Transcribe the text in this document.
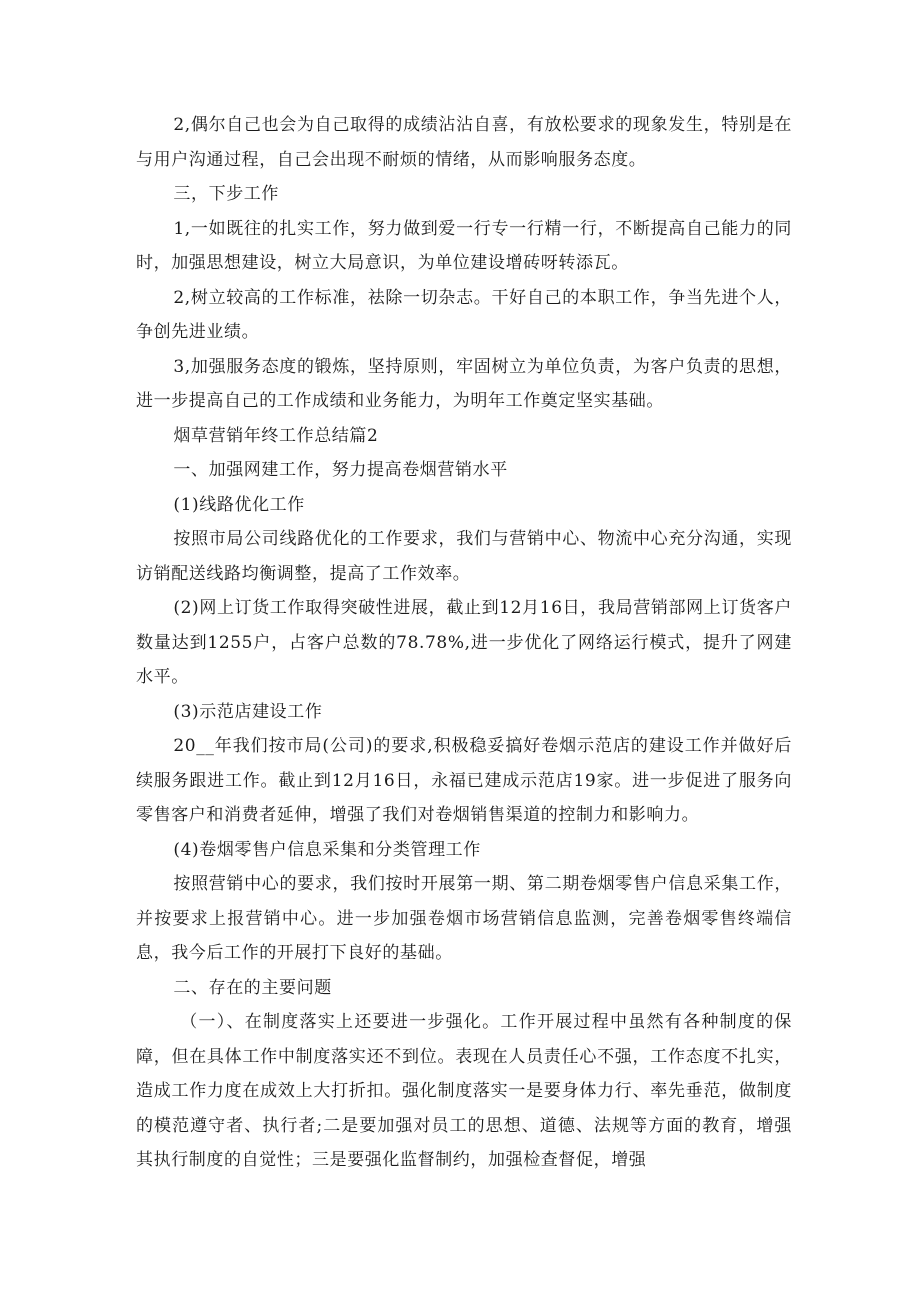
2,偶尔自己也会为自己取得的成绩沾沾自喜，有放松要求的现象发生，特别是在与用户沟通过程，自己会出现不耐烦的情绪，从而影响服务态度。

三，下步工作

1,一如既往的扎实工作，努力做到爱一行专一行精一行，不断提高自己能力的同时，加强思想建设，树立大局意识，为单位建设增砖呀转添瓦。

2,树立较高的工作标准，祛除一切杂志。干好自己的本职工作，争当先进个人，争创先进业绩。

3,加强服务态度的锻炼，坚持原则，牢固树立为单位负责，为客户负责的思想，进一步提高自己的工作成绩和业务能力，为明年工作奠定坚实基础。

烟草营销年终工作总结篇2

一、加强网建工作，努力提高卷烟营销水平

(1)线路优化工作

按照市局公司线路优化的工作要求，我们与营销中心、物流中心充分沟通，实现访销配送线路均衡调整，提高了工作效率。

(2)网上订货工作取得突破性进展，截止到12月16日，我局营销部网上订货客户数量达到1255户，占客户总数的78.78%,进一步优化了网络运行模式，提升了网建水平。

(3)示范店建设工作

20__年我们按市局(公司)的要求,积极稳妥搞好卷烟示范店的建设工作并做好后续服务跟进工作。截止到12月16日，永福已建成示范店19家。进一步促进了服务向零售客户和消费者延伸，增强了我们对卷烟销售渠道的控制力和影响力。

(4)卷烟零售户信息采集和分类管理工作

按照营销中心的要求，我们按时开展第一期、第二期卷烟零售户信息采集工作，并按要求上报营销中心。进一步加强卷烟市场营销信息监测，完善卷烟零售终端信息，我今后工作的开展打下良好的基础。

二、存在的主要问题

（一）、在制度落实上还要进一步强化。工作开展过程中虽然有各种制度的保障，但在具体工作中制度落实还不到位。表现在人员责任心不强，工作态度不扎实，造成工作力度在成效上大打折扣。强化制度落实一是要身体力行、率先垂范，做制度的模范遵守者、执行者;二是要加强对员工的思想、道德、法规等方面的教育，增强其执行制度的自觉性；三是要强化监督制约，加强检查督促，增强
